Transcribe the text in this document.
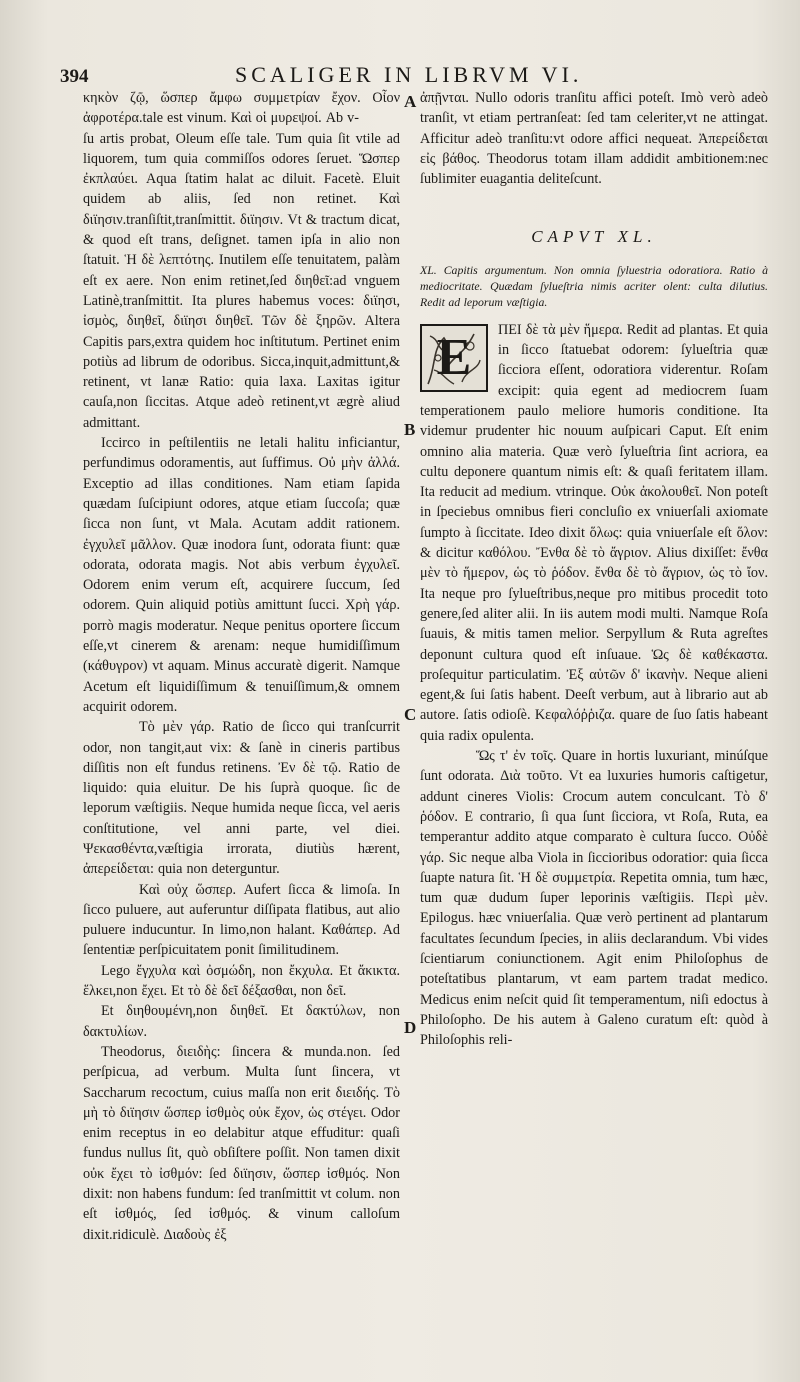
394	SCALIGER IN LIBRVM VI.
A
B
C
D

κηκὸν ζῷ, ὥσπερ ἄμφω συμμετρίαν ἔχον. Οἶον ἀφροτέρα.tale est vinum. Καὶ οἱ μυρεψοί. Ab v-

ſu artis probat, Oleum eſſe tale. Tum quia ſit vtile ad liquorem, tum quia commiſſos odores ſeruet. Ὥσπερ ἐκπλαύει. Aqua ſtatim halat ac diluit. Facetè. Eluit quidem ab aliis, ſed non retinet. Καὶ διϊησιν.tranſiſtit,tranſmittit. διϊησιν. Vt & tractum dicat, & quod eſt trans, deſignet. tamen ipſa in alio non ſtatuit. Ἡ δὲ λεπτότης. Inutilem eſſe tenuitatem, palàm eſt ex aere. Non enim retinet,ſed διηθεῖ:ad vnguem Latinè,tranſmittit. Ita plures habemus voces: διϊησι, ἰσμὸς, διηθεῖ, διϊησι διηθεῖ. Τῶν δὲ ξηρῶν. Altera Capitis pars,extra quidem hoc inſtitutum. Pertinet enim potiùs ad librum de odoribus. Sicca,inquit,admittunt,& retinent, vt lanæ Ratio: quia laxa. Laxitas igitur cauſa,non ſiccitas. Atque adeò retinent,vt ægrè aliud admittant.

Iccirco in peſtilentiis ne letali halitu inficiantur, perfundimus odoramentis, aut ſuffimus. Οὐ μὴν ἀλλά. Exceptio ad illas conditiones. Nam etiam ſapida quædam ſuſcipiunt odores, atque etiam ſuccoſa; quæ ſicca non ſunt, vt Mala. Acutam addit rationem. ἐγχυλεῖ μᾶλλον. Quæ inodora ſunt, odorata fiunt: quæ odorata, odorata magis. Not abis verbum ἐγχυλεῖ. Odorem enim verum eſt, acquirere ſuccum, ſed odorem. Quin aliquid potiùs amittunt ſucci. Χρὴ γάρ. porrò magis moderatur. Neque penitus oportere ſiccum eſſe,vt cinerem & arenam: neque humidiſſimum (κάθυγρον) vt aquam. Minus accuratè digerit. Namque Acetum eſt liquidiſſimum & tenuiſſimum,& omnem acquirit odorem.

Τὸ μὲν γάρ. Ratio de ſicco qui tranſcurrit odor, non tangit,aut vix: & ſanè in cineris partibus diſſitis non eſt fundus retinens. Ἐν δὲ τῷ. Ratio de liquido: quia eluitur. De his ſuprà quoque. ſic de leporum væſtigiis. Neque humida neque ſicca, vel aeris conſtitutione, vel anni parte, vel diei. Ψεκασθέντα,væſtigia irrorata, diutiùs hærent, ἀπερείδεται: quia non deterguntur.

Καὶ οὐχ ὥσπερ. Aufert ſicca & limoſa. In ſicco puluere, aut auferuntur diſſipata flatibus, aut alio puluere inducuntur. In limo,non halant. Καθάπερ. Ad ſententiæ perſpicuitatem ponit ſimilitudinem.

Lego ἔγχυλα καὶ ὀσμώδη, non ἔκχυλα. Et ἄκικτα. ἕλκει,non ἔχει. Et τὸ δὲ δεῖ δέξασθαι, non δεῖ.

Et διηθουμένη,non διηθεῖ. Et δακτύλων, non δακτυλίων.

Theodorus, διειδὴς: ſincera & munda.non. ſed perſpicua, ad verbum. Multa ſunt ſincera, vt Saccharum recoctum, cuius maſſa non erit διειδής. Τὸ μὴ τὸ διϊησιν ὥσπερ ἰσθμὸς οὐκ ἔχον, ὡς στέγει. Odor enim receptus in eo delabitur atque effuditur: quaſi fundus nullus ſit, quò obſiſtere poſſit. Non tamen dixit οὐκ ἔχει τὸ ἰσθμόν: ſed διϊησιν, ὥσπερ ἰσθμός. Non dixit: non habens fundum: ſed tranſmittit vt colum. non eſt ἰσθμός, ſed ἰσθμός. & vinum calloſum dixit.ridiculè. Διαδοὺς ἐξ

ἀπῇνται. Nullo odoris tranſitu affici poteſt. Imò verò adeò tranſit, vt etiam pertranſeat: ſed tam celeriter,vt ne attingat. Afficitur adeò tranſitu:vt odore affici nequeat. Ἀπερείδεται εἰς βάθος. Theodorus totam illam addidit ambitionem:nec ſublimiter euagantia deliteſcunt.

CAPVT XL.

XL. Capitis argumentum. Non omnia ſyluestria odoratiora. Ratio à mediocritate. Quædam ſylueſtria nimis acriter olent: culta dilutius. Redit ad leporum væſtigia.

E	ΠΕΙ δὲ τὰ μὲν ἥμερα. Redit ad plantas. Et quia in ſicco ſtatuebat odorem: ſylueſtria quæ ſicciora eſſent, odoratiora viderentur. Roſam excipit: quia egent ad mediocrem ſuam temperationem paulo meliore humoris conditione. Ita videmur prudenter hic nouum auſpicari Caput. Eſt enim omnino alia materia. Quæ verò ſylueſtria ſint acriora, ea cultu deponere quantum nimis eſt: & quaſi feritatem illam. Ita reducit ad medium. vtrinque. Οὐκ ἀκολουθεῖ. Non poteſt in ſpeciebus omnibus fieri concluſio ex vniuerſali axiomate ſumpto à ſiccitate. Ideo dixit ὅλως: quia vniuerſale eſt ὅλον: & dicitur καθόλου. Ἔνθα δὲ τὸ ἄγριον. Alius dixiſſet: ἔνθα μὲν τὸ ἥμερον, ὡς τὸ ῥόδον. ἔνθα δὲ τὸ ἄγριον, ὡς τὸ ἴον. Ita neque pro ſylueſtribus,neque pro mitibus procedit toto genere,ſed aliter alii. In iis autem modi multi. Namque Roſa ſuauis, & mitis tamen melior. Serpyllum & Ruta agreſtes deponunt cultura quod eſt inſuaue. Ὡς δὲ καθέκαστα. proſequitur particulatim. Ἐξ αὑτῶν δ' ἱκανὴν. Neque alieni egent,& ſui ſatis habent. Deeſt verbum, aut à librario aut ab autore. ſatis odioſè. Κεφαλόῤῥιζα. quare de ſuo ſatis habeant quia radix opulenta.

Ὥς τ' ἐν τοῖς. Quare in hortis luxuriant, minúſque ſunt odorata. Διὰ τοῦτο. Vt ea luxuries humoris caſtigetur, addunt cineres Violis: Crocum autem conculcant. Τὸ δ' ῥόδον. E contrario, ſi qua ſunt ſicciora, vt Roſa, Ruta, ea temperantur addito atque comparato è cultura ſucco. Οὐδὲ γάρ. Sic neque alba Viola in ſiccioribus odoratior: quia ſicca ſuapte natura ſit. Ἡ δὲ συμμετρία. Repetita omnia, tum hæc, tum quæ dudum ſuper leporinis væſtigiis. Περὶ μὲν. Epilogus. hæc vniuerſalia. Quæ verò pertinent ad plantarum facultates ſecundum ſpecies, in aliis declarandum. Vbi vides ſcientiarum coniunctionem. Agit enim Philoſophus de poteſtatibus plantarum, vt eam partem tradat medico. Medicus enim neſcit quid ſit temperamentum, niſi edoctus à Philoſopho. De his autem à Galeno curatum eſt: quòd à Philoſophis reli-
